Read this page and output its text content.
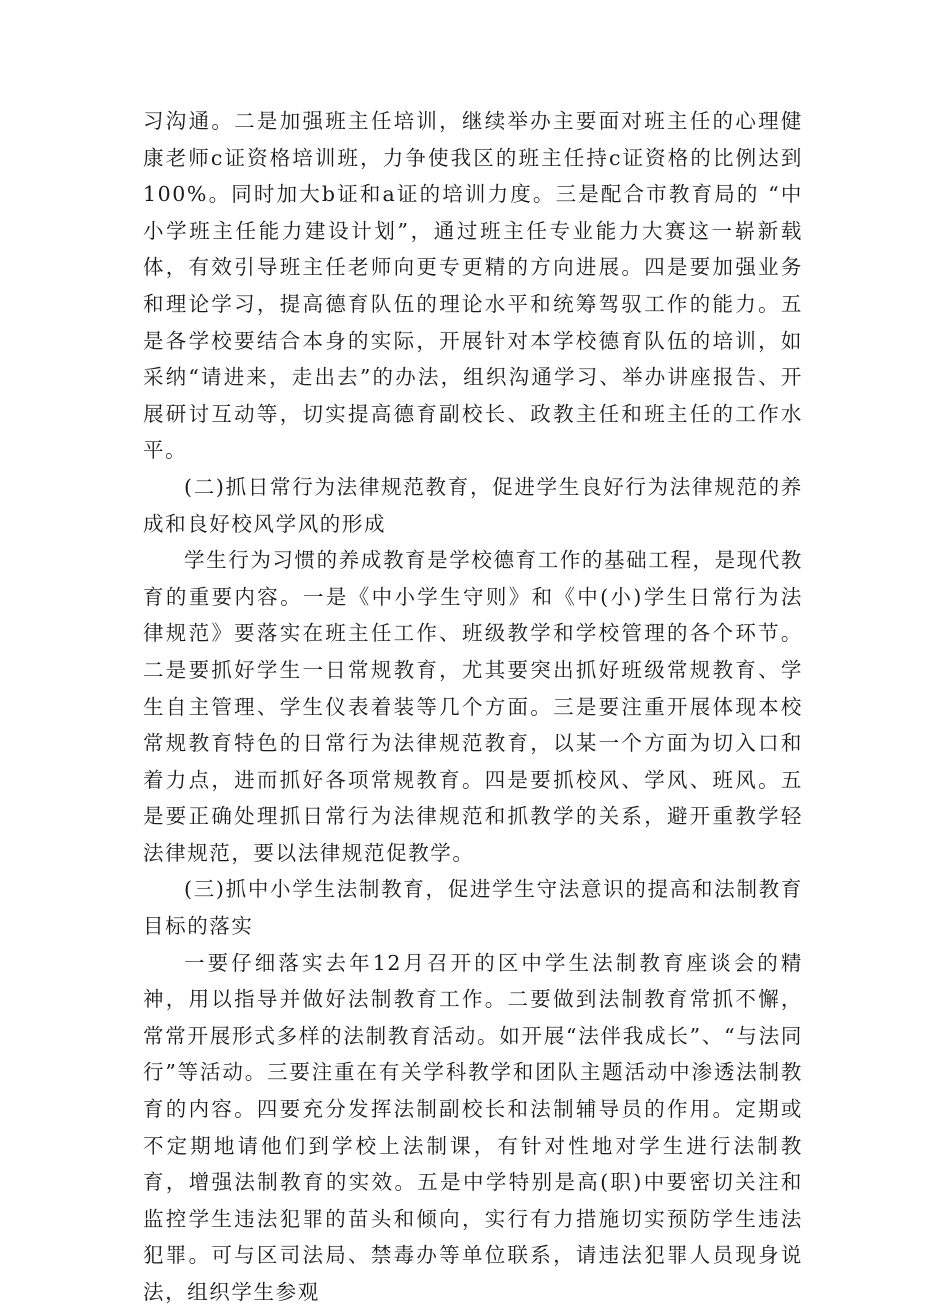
习沟通。二是加强班主任培训，继续举办主要面对班主任的心理健康老师c证资格培训班，力争使我区的班主任持c证资格的比例达到100%。同时加大b证和a证的培训力度。三是配合市教育局的 “中小学班主任能力建设计划”，通过班主任专业能力大赛这一崭新载体，有效引导班主任老师向更专更精的方向进展。四是要加强业务和理论学习，提高德育队伍的理论水平和统筹驾驭工作的能力。五是各学校要结合本身的实际，开展针对本学校德育队伍的培训，如采纳“请进来，走出去”的办法，组织沟通学习、举办讲座报告、开展研讨互动等，切实提高德育副校长、政教主任和班主任的工作水平。

(二)抓日常行为法律规范教育，促进学生良好行为法律规范的养成和良好校风学风的形成

学生行为习惯的养成教育是学校德育工作的基础工程，是现代教育的重要内容。一是《中小学生守则》和《中(小)学生日常行为法律规范》要落实在班主任工作、班级教学和学校管理的各个环节。二是要抓好学生一日常规教育，尤其要突出抓好班级常规教育、学生自主管理、学生仪表着装等几个方面。三是要注重开展体现本校常规教育特色的日常行为法律规范教育，以某一个方面为切入口和着力点，进而抓好各项常规教育。四是要抓校风、学风、班风。五是要正确处理抓日常行为法律规范和抓教学的关系，避开重教学轻法律规范，要以法律规范促教学。

(三)抓中小学生法制教育，促进学生守法意识的提高和法制教育目标的落实

一要仔细落实去年12月召开的区中学生法制教育座谈会的精神，用以指导并做好法制教育工作。二要做到法制教育常抓不懈，常常开展形式多样的法制教育活动。如开展“法伴我成长”、“与法同行”等活动。三要注重在有关学科教学和团队主题活动中渗透法制教育的内容。四要充分发挥法制副校长和法制辅导员的作用。定期或不定期地请他们到学校上法制课，有针对性地对学生进行法制教育，增强法制教育的实效。五是中学特别是高(职)中要密切关注和监控学生违法犯罪的苗头和倾向，实行有力措施切实预防学生违法犯罪。可与区司法局、禁毒办等单位联系，请违法犯罪人员现身说法，组织学生参观
